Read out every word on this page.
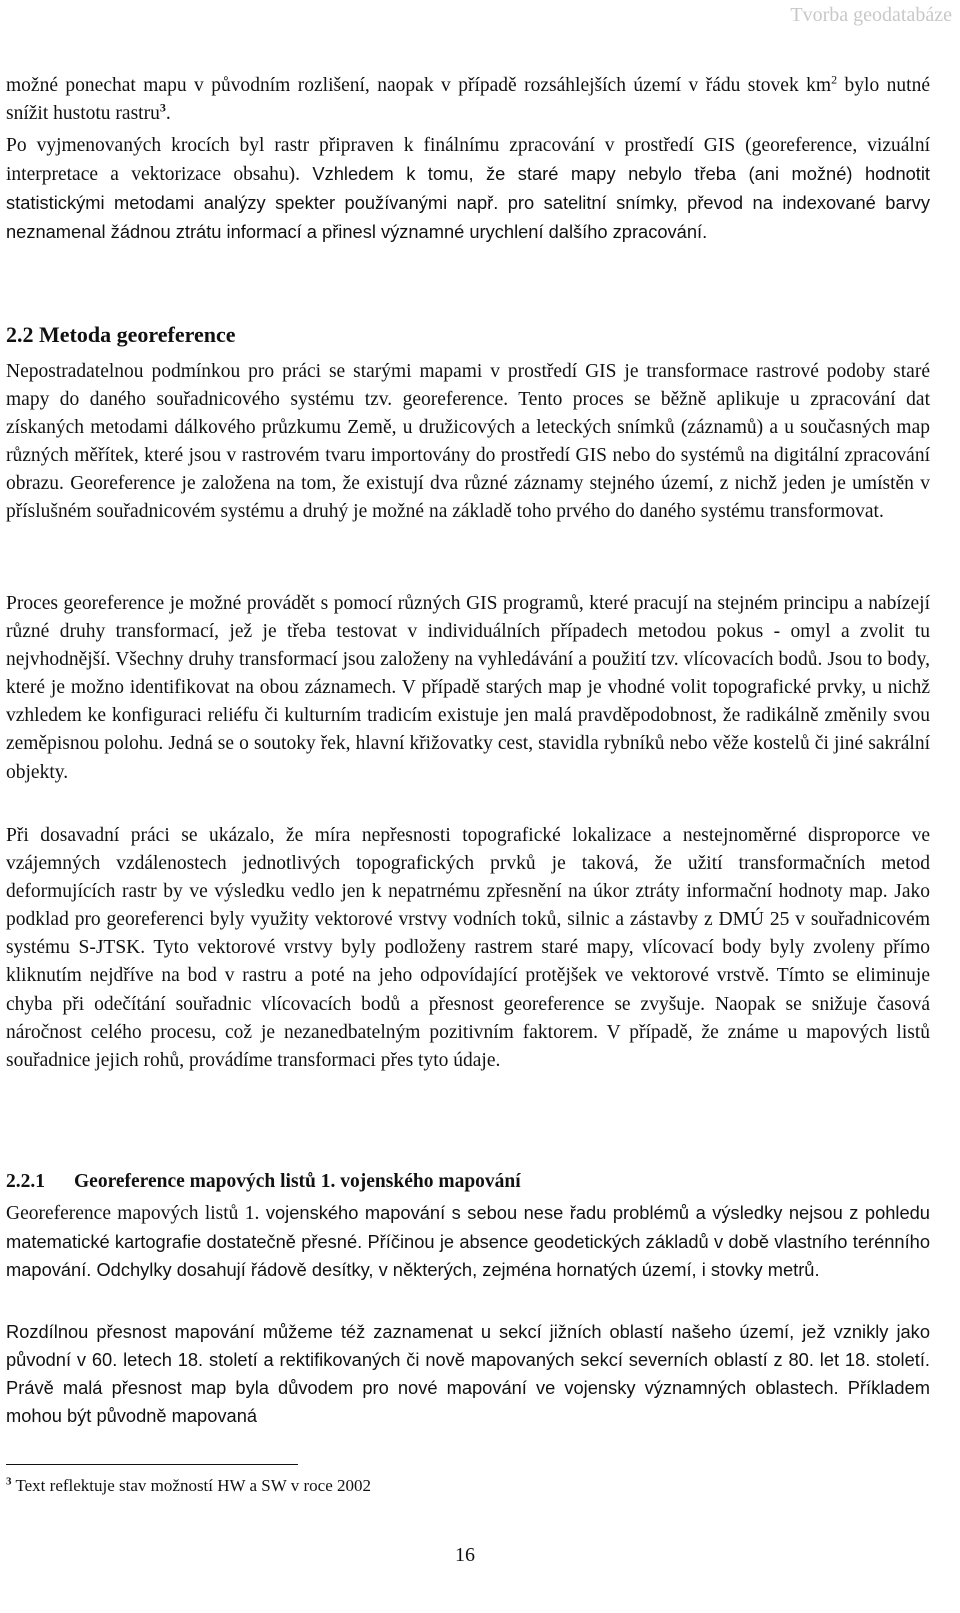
Tvorba geodatabáze

možné ponechat mapu v původním rozlišení, naopak v případě rozsáhlejších území v řádu stovek $km^2$ bylo nutné snížit hustotu rastru$^3$.

Po vyjmenovaných krocích byl rastr připraven k finálnímu zpracování v prostředí GIS (georeference, vizuální interpretace a vektorizace obsahu). Vzhledem k tomu, že staré mapy nebylo třeba (ani možné) hodnotit statistickými metodami analýzy spekter používanými např. pro satelitní snímky, převod na indexované barvy neznamenal žádnou ztrátu informací a přinesl významné urychlení dalšího zpracování.

2.2 Metoda georeference

Nepostradatelnou podmínkou pro práci se starými mapami v prostředí GIS je transformace rastrové podoby staré mapy do daného souřadnicového systému tzv. georeference. Tento proces se běžně aplikuje u zpracování dat získaných metodami dálkového průzkumu Země, u družicových a leteckých snímků (záznamů) a u současných map různých měřítek, které jsou v rastrovém tvaru importovány do prostředí GIS nebo do systémů na digitální zpracování obrazu. Georeference je založena na tom, že existují dva různé záznamy stejného území, z nichž jeden je umístěn v příslušném souřadnicovém systému a druhý je možné na základě toho prvého do daného systému transformovat.

Proces georeference je možné provádět s pomocí různých GIS programů, které pracují na stejném principu a nabízejí různé druhy transformací, jež je třeba testovat v individuálních případech metodou pokus - omyl a zvolit tu nejvhodnější. Všechny druhy transformací jsou založeny na vyhledávání a použití tzv. vlícovacích bodů. Jsou to body, které je možno identifikovat na obou záznamech. V případě starých map je vhodné volit topografické prvky, u nichž vzhledem ke konfiguraci reliéfu či kulturním tradicím existuje jen malá pravděpodobnost, že radikálně změnily svou zeměpisnou polohu. Jedná se o soutoky řek, hlavní křižovatky cest, stavidla rybníků nebo věže kostelů či jiné sakrální objekty.

Při dosavadní práci se ukázalo, že míra nepřesnosti topografické lokalizace a nestejnoměrné disproporce ve vzájemných vzdálenostech jednotlivých topografických prvků je taková, že užití transformačních metod deformujících rastr by ve výsledku vedlo jen k nepatrnému zpřesnění na úkor ztráty informační hodnoty map. Jako podklad pro georeferenci byly využity vektorové vrstvy vodních toků, silnic a zástavby z DMÚ 25 v souřadnicovém systému S-JTSK. Tyto vektorové vrstvy byly podloženy rastrem staré mapy, vlícovací body byly zvoleny přímo kliknutím nejdříve na bod v rastru a poté na jeho odpovídající protějšek ve vektorové vrstvě. Tímto se eliminuje chyba při odečítání souřadnic vlícovacích bodů a přesnost georeference se zvyšuje. Naopak se snižuje časová náročnost celého procesu, což je nezanedbatelným pozitivním faktorem. V případě, že známe u mapových listů souřadnice jejich rohů, provádíme transformaci přes tyto údaje.

2.2.1 Georeference mapových listů 1. vojenského mapování

Georeference mapových listů 1. vojenského mapování s sebou nese řadu problémů a výsledky nejsou z pohledu matematické kartografie dostatečně přesné. Příčinou je absence geodetických základů v době vlastního terénního mapování. Odchylky dosahují řádově desítky, v některých, zejména hornatých území, i stovky metrů.

Rozdílnou přesnost mapování můžeme též zaznamenat u sekcí jižních oblastí našeho území, jež vznikly jako původní v 60. letech 18. století a rektifikovaných či nově mapovaných sekcí severních oblastí z 80. let 18. století. Právě malá přesnost map byla důvodem pro nové mapování ve vojensky významných oblastech. Příkladem mohou být původně mapovaná

$^3$ Text reflektuje stav možností HW a SW v roce 2002
16
